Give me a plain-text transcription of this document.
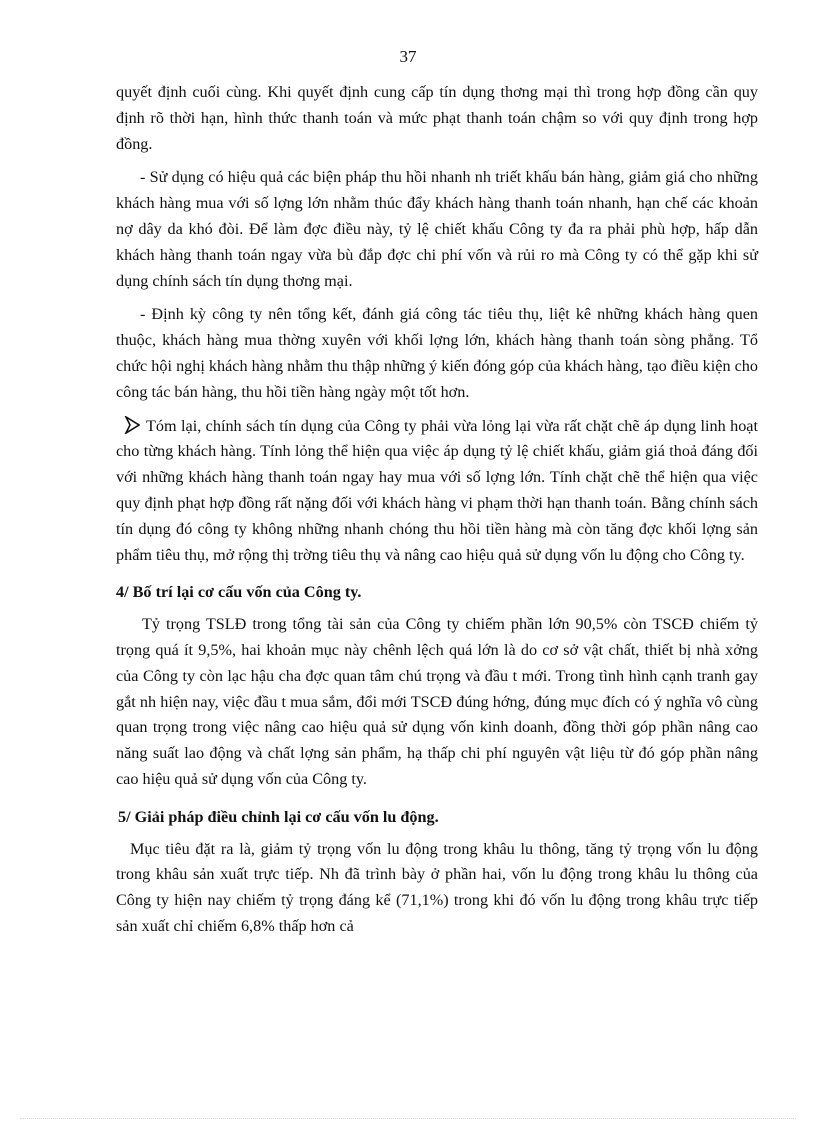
37

quyết định cuối cùng. Khi quyết định cung cấp tín dụng thơng mại thì trong hợp đồng cần quy định rõ thời hạn, hình thức thanh toán và mức phạt thanh toán chậm so với quy định trong hợp đồng.

- Sử dụng có hiệu quả các biện pháp thu hồi nhanh nh triết khấu bán hàng, giảm giá cho những khách hàng mua với số lợng lớn nhằm thúc đẩy khách hàng thanh toán nhanh, hạn chế các khoản nợ dây da khó đòi. Để làm đợc điều này, tỷ lệ chiết khấu Công ty đa ra phải phù hợp, hấp dẫn khách hàng thanh toán ngay vừa bù đắp đợc chi phí vốn và rủi ro mà Công ty có thể gặp khi sử dụng chính sách tín dụng thơng mại.

- Định kỳ công ty nên tổng kết, đánh giá công tác tiêu thụ, liệt kê những khách hàng quen thuộc, khách hàng mua thờng xuyên với khối lợng lớn, khách hàng thanh toán sòng phẳng. Tổ chức hội nghị khách hàng nhằm thu thập những ý kiến đóng góp của khách hàng, tạo điều kiện cho công tác bán hàng, thu hồi tiền hàng ngày một tốt hơn.

Tóm lại, chính sách tín dụng của Công ty phải vừa lỏng lại vừa rất chặt chẽ áp dụng linh hoạt cho từng khách hàng. Tính lỏng thể hiện qua việc áp dụng tỷ lệ chiết khấu, giảm giá thoả đáng đối với những khách hàng thanh toán ngay hay mua với số lợng lớn. Tính chặt chẽ thể hiện qua việc quy định phạt hợp đồng rất nặng đối với khách hàng vi phạm thời hạn thanh toán. Bằng chính sách tín dụng đó công ty không những nhanh chóng thu hồi tiền hàng mà còn tăng đợc khối lợng sản phẩm tiêu thụ, mở rộng thị trờng tiêu thụ và nâng cao hiệu quả sử dụng vốn lu động cho Công ty.

4/ Bố trí lại cơ cấu vốn của Công ty.

Tỷ trọng TSLĐ trong tổng tài sản của Công ty chiếm phần lớn 90,5% còn TSCĐ chiếm tỷ trọng quá ít 9,5%, hai khoản mục này chênh lệch quá lớn là do cơ sở vật chất, thiết bị nhà xởng của Công ty còn lạc hậu cha đợc quan tâm chú trọng và đầu t mới. Trong tình hình cạnh tranh gay gắt nh hiện nay, việc đầu t mua sắm, đổi mới TSCĐ đúng hớng, đúng mục đích có ý nghĩa vô cùng quan trọng trong việc nâng cao hiệu quả sử dụng vốn kinh doanh, đồng thời góp phần nâng cao năng suất lao động và chất lợng sản phẩm, hạ thấp chi phí nguyên vật liệu từ đó góp phần nâng cao hiệu quả sử dụng vốn của Công ty.

5/ Giải pháp điều chỉnh lại cơ cấu vốn lu động.

Mục tiêu đặt ra là, giảm tỷ trọng vốn lu động trong khâu lu thông, tăng tỷ trọng vốn lu động trong khâu sản xuất trực tiếp. Nh đã trình bày ở phần hai, vốn lu động trong khâu lu thông của Công ty hiện nay chiếm tỷ trọng đáng kể (71,1%) trong khi đó vốn lu động trong khâu trực tiếp sản xuất chỉ chiếm 6,8% thấp hơn cả
